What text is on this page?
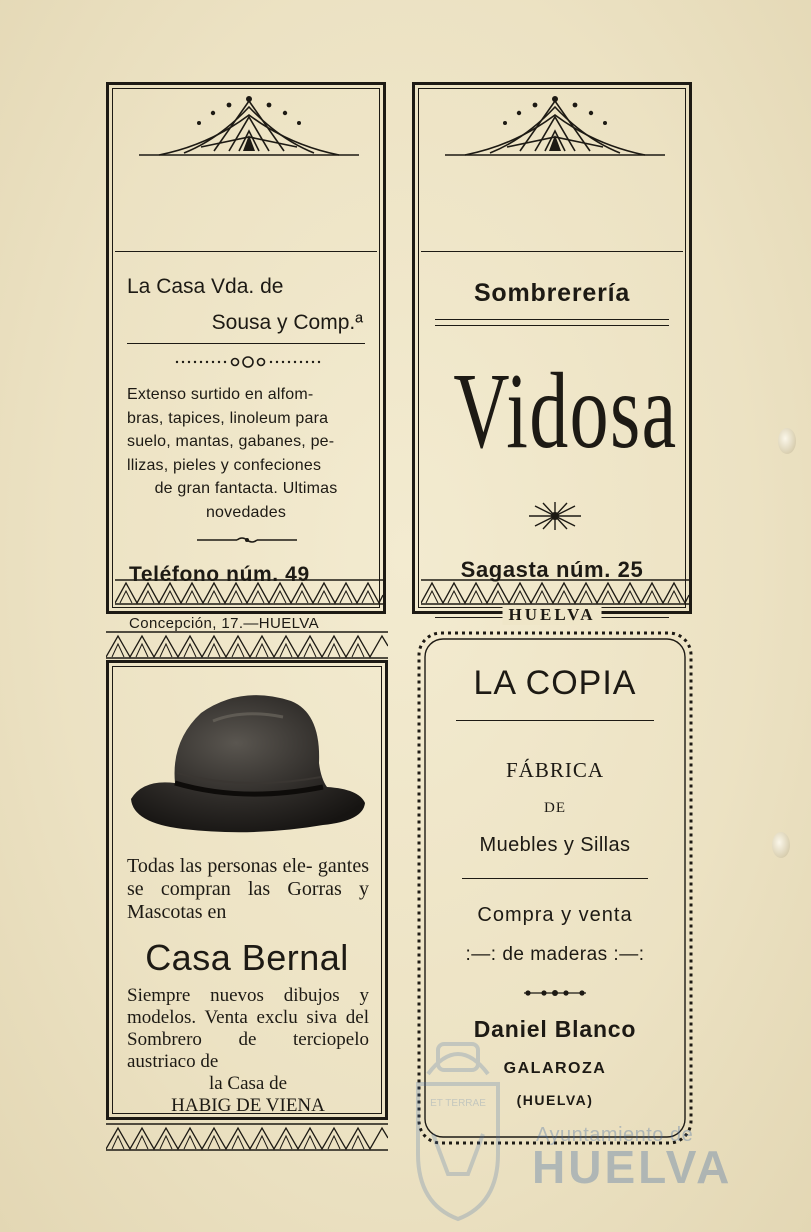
La Casa Vda. de
Sousa y Comp.ª
Extenso surtido en alfom-
bras, tapices, linoleum para
suelo, mantas, gabanes, pe-
llizas, pieles y confeciones
de gran fantacta. Ultimas
novedades
Teléfono núm. 49
Concepción, 17.—HUELVA
Sombrerería
Vidosa
Sagasta núm. 25
HUELVA
Todas las personas ele- gantes se compran las Gorras y Mascotas en
Casa Bernal
Siempre nuevos dibujos y modelos. Venta exclu siva del Sombrero de terciopelo austriaco de
la Casa de
HABIG DE VIENA
LA COPIA
FÁBRICA
DE
Muebles y Sillas
Compra y venta
:—: de maderas :—:
Daniel Blanco
GALAROZA
(HUELVA)
ET TERRAE
Ayuntamiento de
HUELVA
